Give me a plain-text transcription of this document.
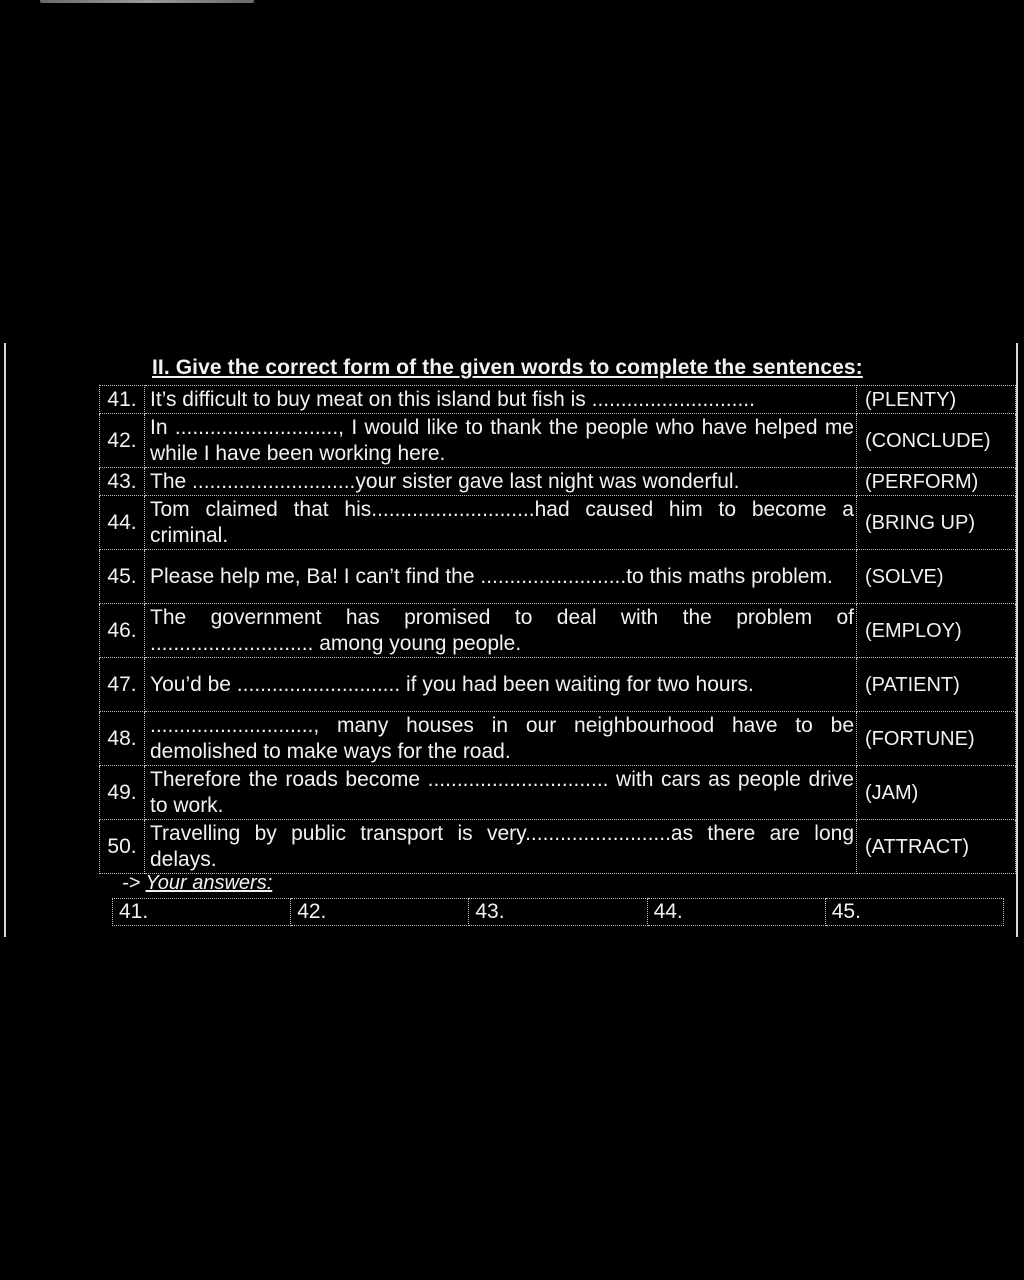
II. Give the correct form of the given words to complete the sentences:
41.	It’s difficult to buy meat on this island but fish is ............................	(PLENTY)
42.	In ............................, I would like to thank the people who have helped me while I have been working here.	(CONCLUDE)
43.	The ............................your sister gave last night was wonderful.	(PERFORM)
44.	Tom claimed that his............................had caused him to become a criminal.	(BRING UP)
45.	Please help me, Ba! I can’t find the .........................to this maths problem.	(SOLVE)
46.	The government has promised to deal with the problem of ............................ among young people.	(EMPLOY)
47.	You’d be ............................ if you had been waiting for two hours.	(PATIENT)
48.	............................, many houses in our neighbourhood have to be demolished to make ways for the road.	(FORTUNE)
49.	Therefore the roads become ............................... with cars as people drive to work.	(JAM)
50.	Travelling by public transport is very.........................as there are long delays.	(ATTRACT)
-> Your answers:
41.	42.	43.	44.	45.
